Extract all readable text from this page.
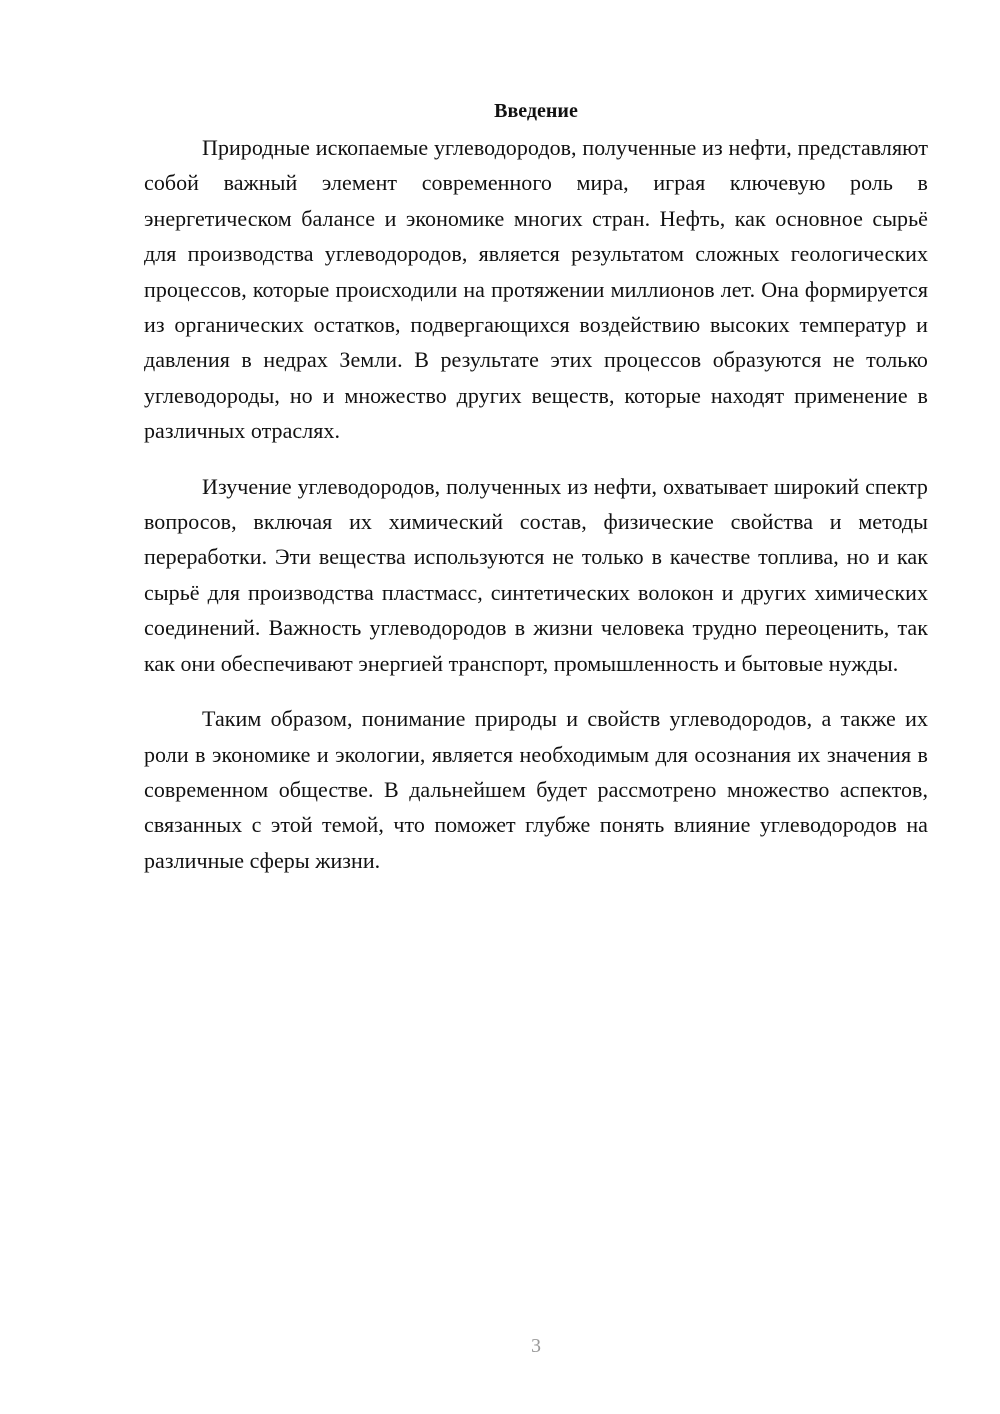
Введение

Природные ископаемые углеводородов, полученные из нефти, представляют собой важный элемент современного мира, играя ключевую роль в энергетическом балансе и экономике многих стран. Нефть, как основное сырьё для производства углеводородов, является результатом сложных геологических процессов, которые происходили на протяжении миллионов лет. Она формируется из органических остатков, подвергающихся воздействию высоких температур и давления в недрах Земли. В результате этих процессов образуются не только углеводороды, но и множество других веществ, которые находят применение в различных отраслях.

Изучение углеводородов, полученных из нефти, охватывает широкий спектр вопросов, включая их химический состав, физические свойства и методы переработки. Эти вещества используются не только в качестве топлива, но и как сырьё для производства пластмасс, синтетических волокон и других химических соединений. Важность углеводородов в жизни человека трудно переоценить, так как они обеспечивают энергией транспорт, промышленность и бытовые нужды.

Таким образом, понимание природы и свойств углеводородов, а также их роли в экономике и экологии, является необходимым для осознания их значения в современном обществе. В дальнейшем будет рассмотрено множество аспектов, связанных с этой темой, что поможет глубже понять влияние углеводородов на различные сферы жизни.

3
